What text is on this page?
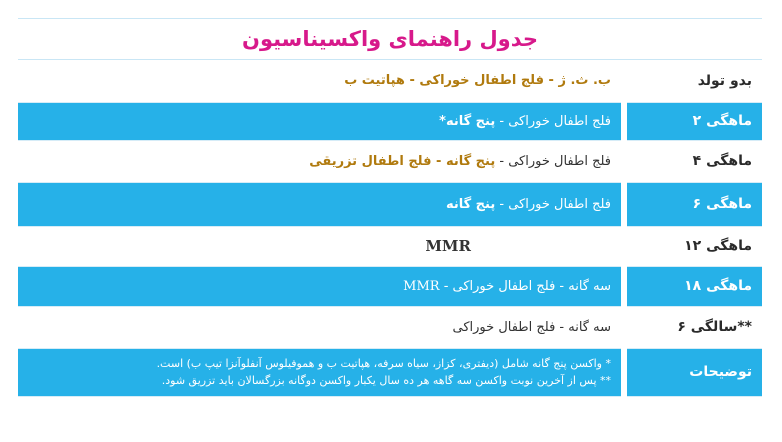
جدول راهنمای واکسیناسیون
ب. ث. ژ - فلج اطفال خوراکی - هپاتیت ب	بدو تولد
فلج اطفال خوراکی - پنج گانه*	۲ ماهگی
فلج اطفال خوراکی - پنج گانه - فلج اطفال تزریقی	۴ ماهگی
فلج اطفال خوراکی - پنج گانه	۶ ماهگی
MMR	۱۲ ماهگی
سه گانه - فلج اطفال خوراکی - MMR	۱۸ ماهگی
سه گانه - فلج اطفال خوراکی	۶ سالگی**

* واکسن پنج گانه شامل (دیفتری، کزاز، سیاه سرفه، هپاتیت ب و هموفیلوس آنفلوآنزا تیپ ب) است.
** پس از آخرین نوبت واکسن سه گاهه هر ده سال یکبار واکسن دوگانه بزرگسالان باید تزریق شود.	توضیحات
